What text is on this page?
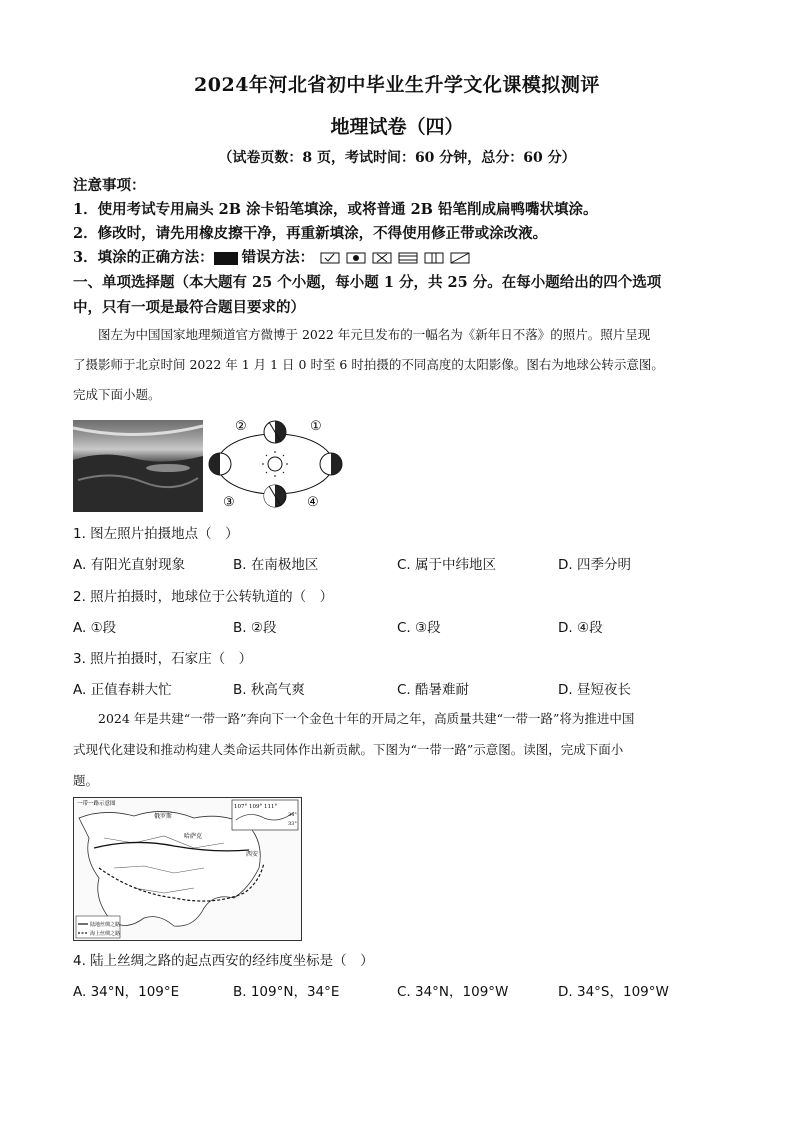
2024年河北省初中毕业生升学文化课模拟测评
地理试卷（四）
（试卷页数：8 页，考试时间：60 分钟，总分：60 分）
注意事项：
1．使用考试专用扁头 2B 涂卡铅笔填涂，或将普通 2B 铅笔削成扁鸭嘴状填涂。
2．修改时，请先用橡皮擦干净，再重新填涂，不得使用修正带或涂改液。
3．填涂的正确方法： 错误方法：
一、单项选择题（本大题有 25 个小题，每小题 1 分，共 25 分。在每小题给出的四个选项
中，只有一项是最符合题目要求的）
图左为中国国家地理频道官方微博于 2022 年元旦发布的一幅名为《新年日不落》的照片。照片呈现
了摄影师于北京时间 2022 年 1 月 1 日 0 时至 6 时拍摄的不同高度的太阳影像。图右为地球公转示意图。
完成下面小题。
②	①
③	④
1. 图左照片拍摄地点（　）
A. 有阳光直射现象	B. 在南极地区	C. 属于中纬地区	D. 四季分明
2. 照片拍摄时，地球位于公转轨道的（　）
A. ①段	B. ②段	C. ③段	D. ④段
3. 照片拍摄时，石家庄（　）
A. 正值春耕大忙	B. 秋高气爽	C. 酷暑难耐	D. 昼短夜长
2024 年是共建“一带一路”奔向下一个金色十年的开局之年，高质量共建“一带一路”将为推进中国
式现代化建设和推动构建人类命运共同体作出新贡献。下图为“一带一路”示意图。读图，完成下面小
题。
107° 109° 111°
34°
33°
一带一路示意图
俄罗斯
哈萨克
西安
陆地丝绸之路
海上丝绸之路
4. 陆上丝绸之路的起点西安的经纬度坐标是（　）
A. 34°N，109°E	B. 109°N，34°E	C. 34°N，109°W	D. 34°S，109°W
